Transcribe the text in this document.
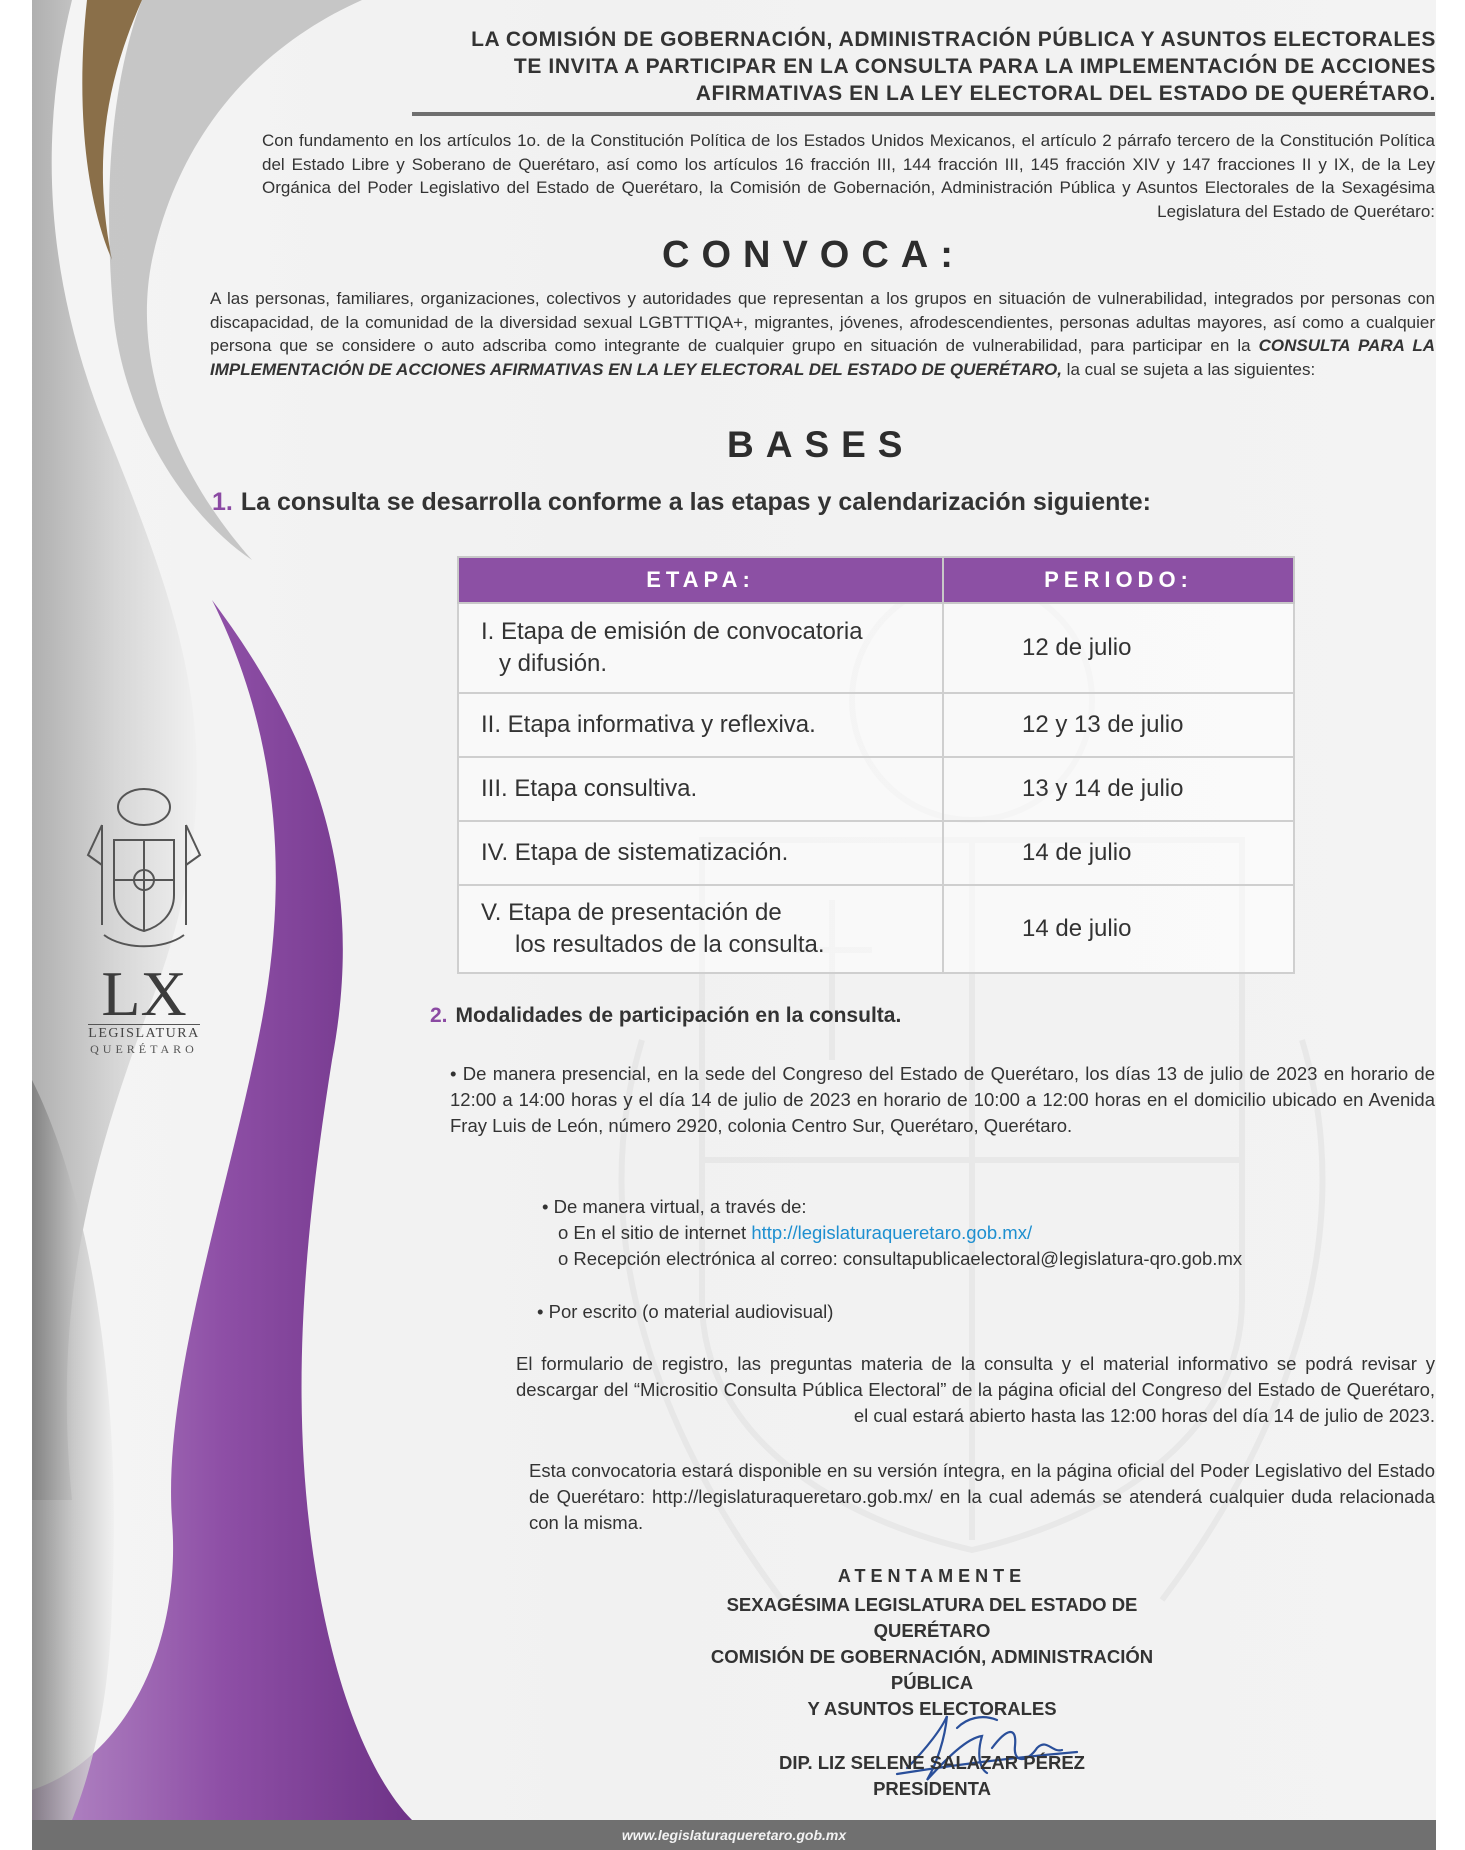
LA COMISIÓN DE GOBERNACIÓN, ADMINISTRACIÓN PÚBLICA Y ASUNTOS ELECTORALES
TE INVITA A PARTICIPAR EN LA CONSULTA PARA LA IMPLEMENTACIÓN DE ACCIONES
AFIRMATIVAS EN LA LEY ELECTORAL DEL ESTADO DE QUERÉTARO.
Con fundamento en los artículos 1o. de la Constitución Política de los Estados Unidos Mexicanos, el artículo 2 párrafo tercero de la Constitución Política del Estado Libre y Soberano de Querétaro, así como los artículos 16 fracción III, 144 fracción III, 145 fracción XIV y 147 fracciones II y IX, de la Ley Orgánica del Poder Legislativo del Estado de Querétaro, la Comisión de Gobernación, Administración Pública y Asuntos Electorales de la Sexagésima Legislatura del Estado de Querétaro:
CONVOCA:
A las personas, familiares, organizaciones, colectivos y autoridades que representan a los grupos en situación de vulnerabilidad, integrados por personas con discapacidad, de la comunidad de la diversidad sexual LGBTTTIQA+, migrantes, jóvenes, afrodescendientes, personas adultas mayores, así como a cualquier persona que se considere o auto adscriba como integrante de cualquier grupo en situación de vulnerabilidad, para participar en la CONSULTA PARA LA IMPLEMENTACIÓN DE ACCIONES AFIRMATIVAS EN LA LEY ELECTORAL DEL ESTADO DE QUERÉTARO, la cual se sujeta a las siguientes:
BASES
1. La consulta se desarrolla conforme a las etapas y calendarización siguiente:
ETAPA:	PERIODO:

I. Etapa de emisión de convocatoria
y difusión.	12 de julio
II. Etapa informativa y reflexiva.	12 y 13 de julio
III. Etapa consultiva.	13 y 14 de julio
IV. Etapa de sistematización.	14 de julio

V. Etapa de presentación de
los resultados de la consulta.	14 de julio
2. Modalidades de participación en la consulta.
• De manera presencial, en la sede del Congreso del Estado de Querétaro, los días 13 de julio de 2023 en horario de 12:00 a 14:00 horas y el día 14 de julio de 2023 en horario de 10:00 a 12:00 horas en el domicilio ubicado en Avenida Fray Luis de León, número 2920, colonia Centro Sur, Querétaro, Querétaro.
• De manera virtual, a través de:
o En el sitio de internet http://legislaturaqueretaro.gob.mx/
o Recepción electrónica al correo: consultapublicaelectoral@legislatura-qro.gob.mx
• Por escrito (o material audiovisual)
El formulario de registro, las preguntas materia de la consulta y el material informativo se podrá revisar y descargar del “Micrositio Consulta Pública Electoral” de la página oficial del Congreso del Estado de Querétaro, el cual estará abierto hasta las 12:00 horas del día 14 de julio de 2023.
Esta convocatoria estará disponible en su versión íntegra, en la página oficial del Poder Legislativo del Estado de Querétaro: http://legislaturaqueretaro.gob.mx/ en la cual además se atenderá cualquier duda relacionada con la misma.
ATENTAMENTE
SEXAGÉSIMA LEGISLATURA DEL ESTADO DE QUERÉTARO
COMISIÓN DE GOBERNACIÓN, ADMINISTRACIÓN PÚBLICA
Y ASUNTOS ELECTORALES
DIP. LIZ SELENE SALAZAR PÉREZ
PRESIDENTA
LX
LEGISLATURA
QUERÉTARO
www.legislaturaqueretaro.gob.mx
